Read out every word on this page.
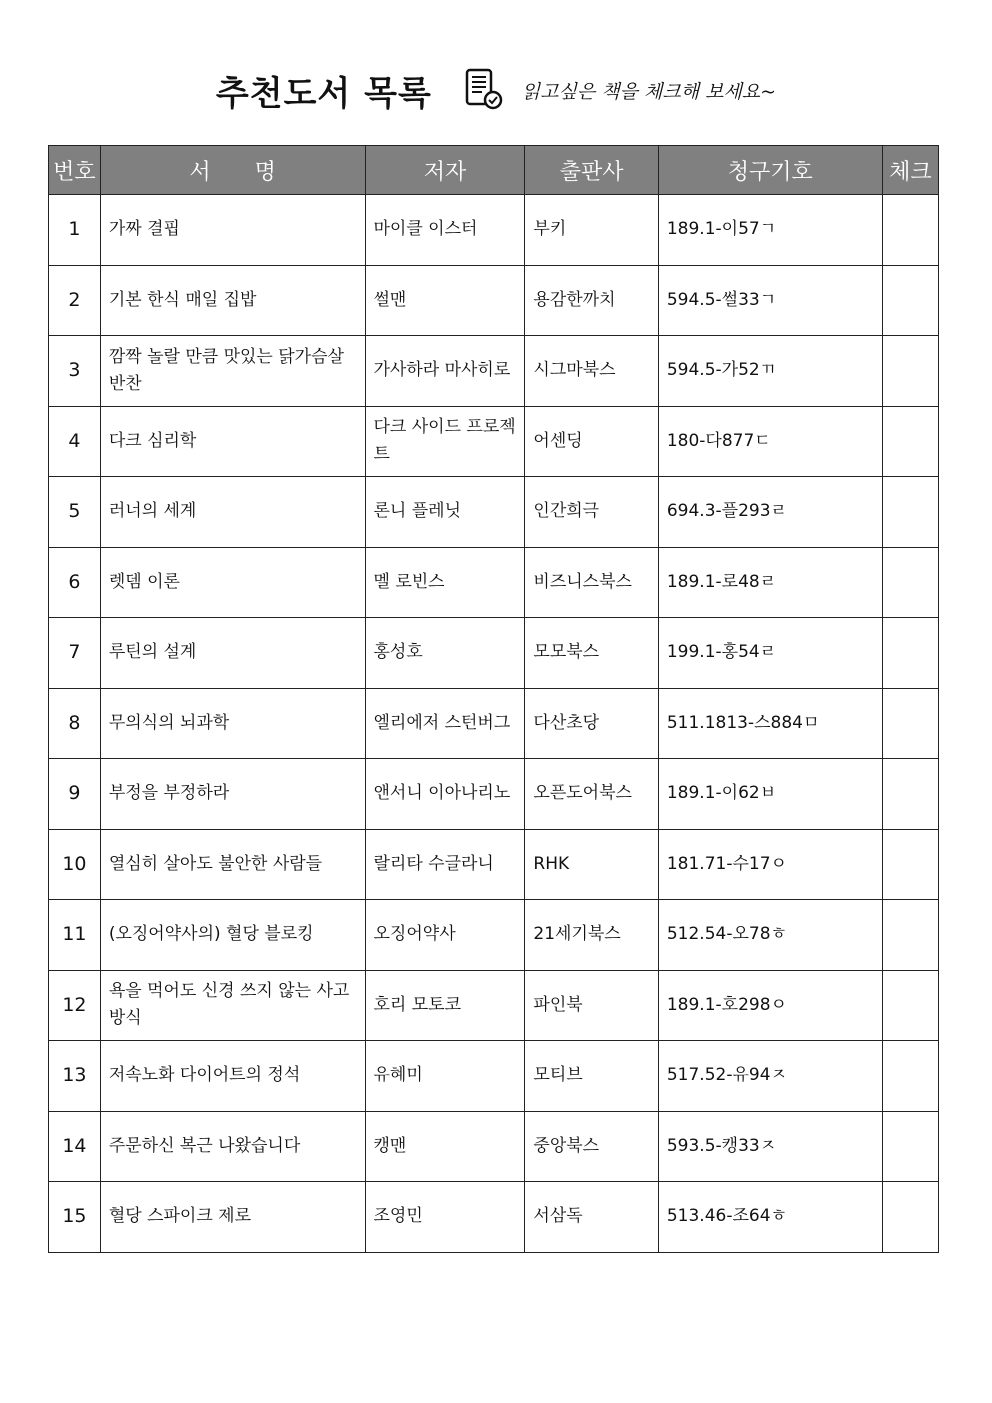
추천도서 목록	읽고싶은 책을 체크해 보세요~
번호	서　　명	저자	출판사	청구기호	체크
1	가짜 결핍	마이클 이스터	부키	189.1-이57ㄱ	
2	기본 한식 매일 집밥	썰맨	용감한까치	594.5-썰33ㄱ	
3	깜짝 놀랄 만큼 맛있는 닭가슴살 반찬	가사하라 마사히로	시그마북스	594.5-가52ㄲ	
4	다크 심리학	다크 사이드 프로젝트	어센딩	180-다877ㄷ	
5	러너의 세계	론니 플레닛	인간희극	694.3-플293ㄹ	
6	렛뎀 이론	멜 로빈스	비즈니스북스	189.1-로48ㄹ	
7	루틴의 설계	홍성호	모모북스	199.1-홍54ㄹ	
8	무의식의 뇌과학	엘리에저 스턴버그	다산초당	511.1813-스884ㅁ	
9	부정을 부정하라	앤서니 이아나리노	오픈도어북스	189.1-이62ㅂ	
10	열심히 살아도 불안한 사람들	랄리타 수글라니	RHK	181.71-수17ㅇ	
11	(오징어약사의) 혈당 블로킹	오징어약사	21세기북스	512.54-오78ㅎ	
12	욕을 먹어도 신경 쓰지 않는 사고방식	호리 모토코	파인북	189.1-호298ㅇ	
13	저속노화 다이어트의 정석	유혜미	모티브	517.52-유94ㅈ	
14	주문하신 복근 나왔습니다	캥맨	중앙북스	593.5-캥33ㅈ	
15	혈당 스파이크 제로	조영민	서삼독	513.46-조64ㅎ	
